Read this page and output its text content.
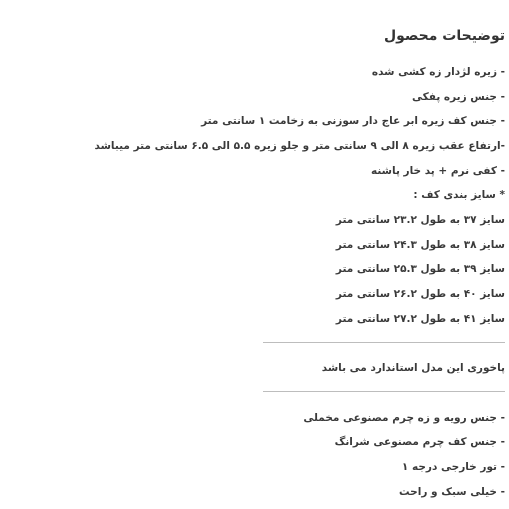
توضیحات محصول
- زیره لژدار زه کشی شده
- جنس زیره پفکی
- جنس کف زیره ابر عاج دار سوزنی به زخامت ۱ سانتی متر
-ارتفاع عقب زیره ۸ الی ۹ سانتی متر و جلو زیره ۵.۵ الی ۶.۵ سانتی متر میباشد
- کفی نرم + پد خار پاشنه
* سایز بندی کف :
سایز ۳۷ به طول ۲۳.۲ سانتی متر
سایز ۳۸ به طول ۲۴.۳ سانتی متر
سایز ۳۹ به طول ۲۵.۳ سانتی متر
سایز ۴۰ به طول ۲۶.۲ سانتی متر
سایز ۴۱ به طول ۲۷.۲ سانتی متر
پاخوری این مدل استاندارد می باشد
- جنس رویه و زه چرم مصنوعی مخملی
- جنس کف چرم مصنوعی شرانگ
- تور خارجی درجه ۱
- خیلی سبک و راحت
